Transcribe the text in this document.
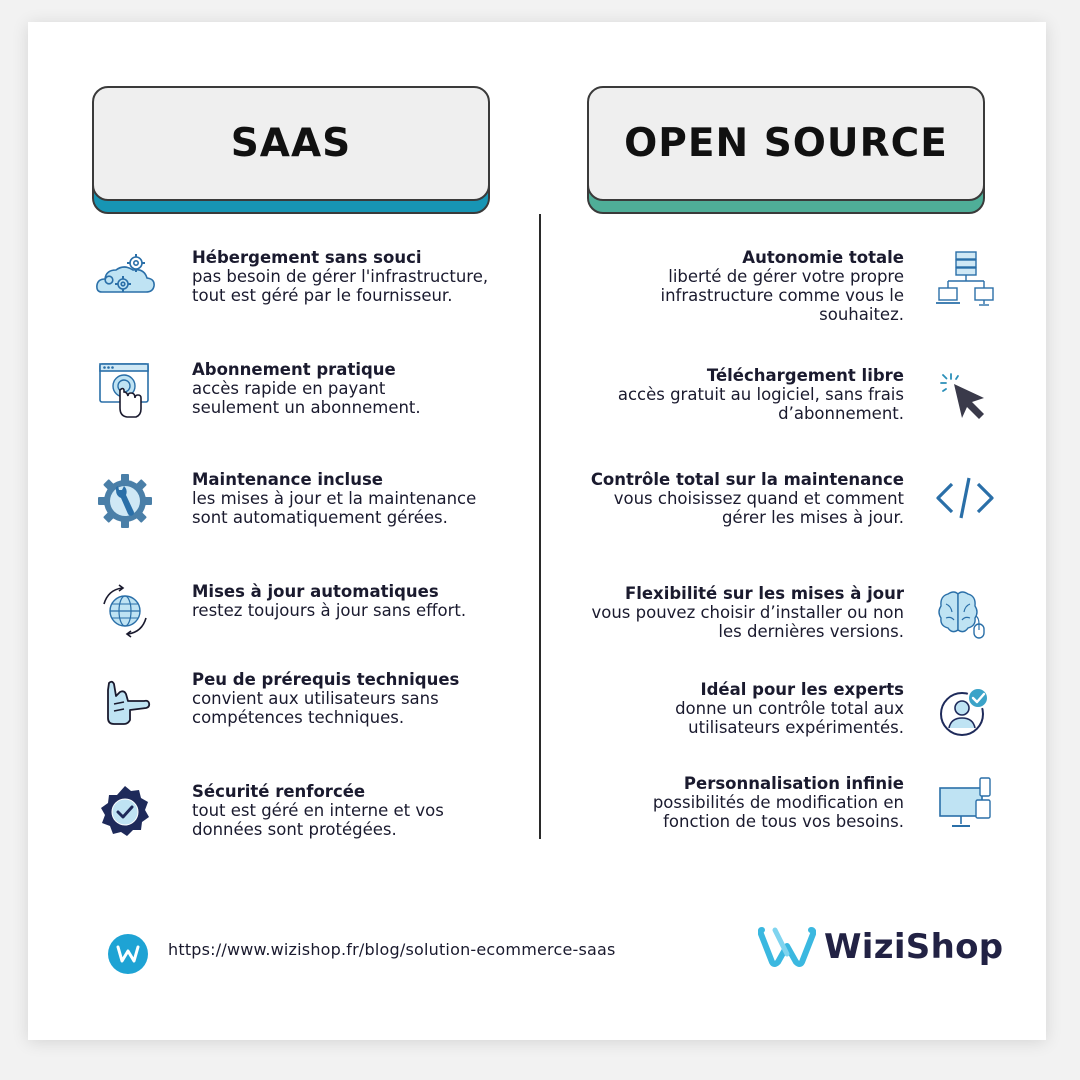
SAAS	OPEN SOURCE
Hébergement sans souci
pas besoin de gérer l'infrastructure,
tout est géré par le fournisseur.
Abonnement pratique
accès rapide en payant
seulement un abonnement.
Maintenance incluse
les mises à jour et la maintenance
sont automatiquement gérées.
Mises à jour automatiques
restez toujours à jour sans effort.
Peu de prérequis techniques
convient aux utilisateurs sans
compétences techniques.
Sécurité renforcée
tout est géré en interne et vos
données sont protégées.
Autonomie totale
liberté de gérer votre propre
infrastructure comme vous le
souhaitez.
Téléchargement libre
accès gratuit au logiciel, sans frais
d’abonnement.
Contrôle total sur la maintenance
vous choisissez quand et comment
gérer les mises à jour.
Flexibilité sur les mises à jour
vous pouvez choisir d’installer ou non
les dernières versions.
Idéal pour les experts
donne un contrôle total aux
utilisateurs expérimentés.
Personnalisation infinie
possibilités de modification en
fonction de tous vos besoins.
https://www.wizishop.fr/blog/solution-ecommerce-saas	WiziShop
